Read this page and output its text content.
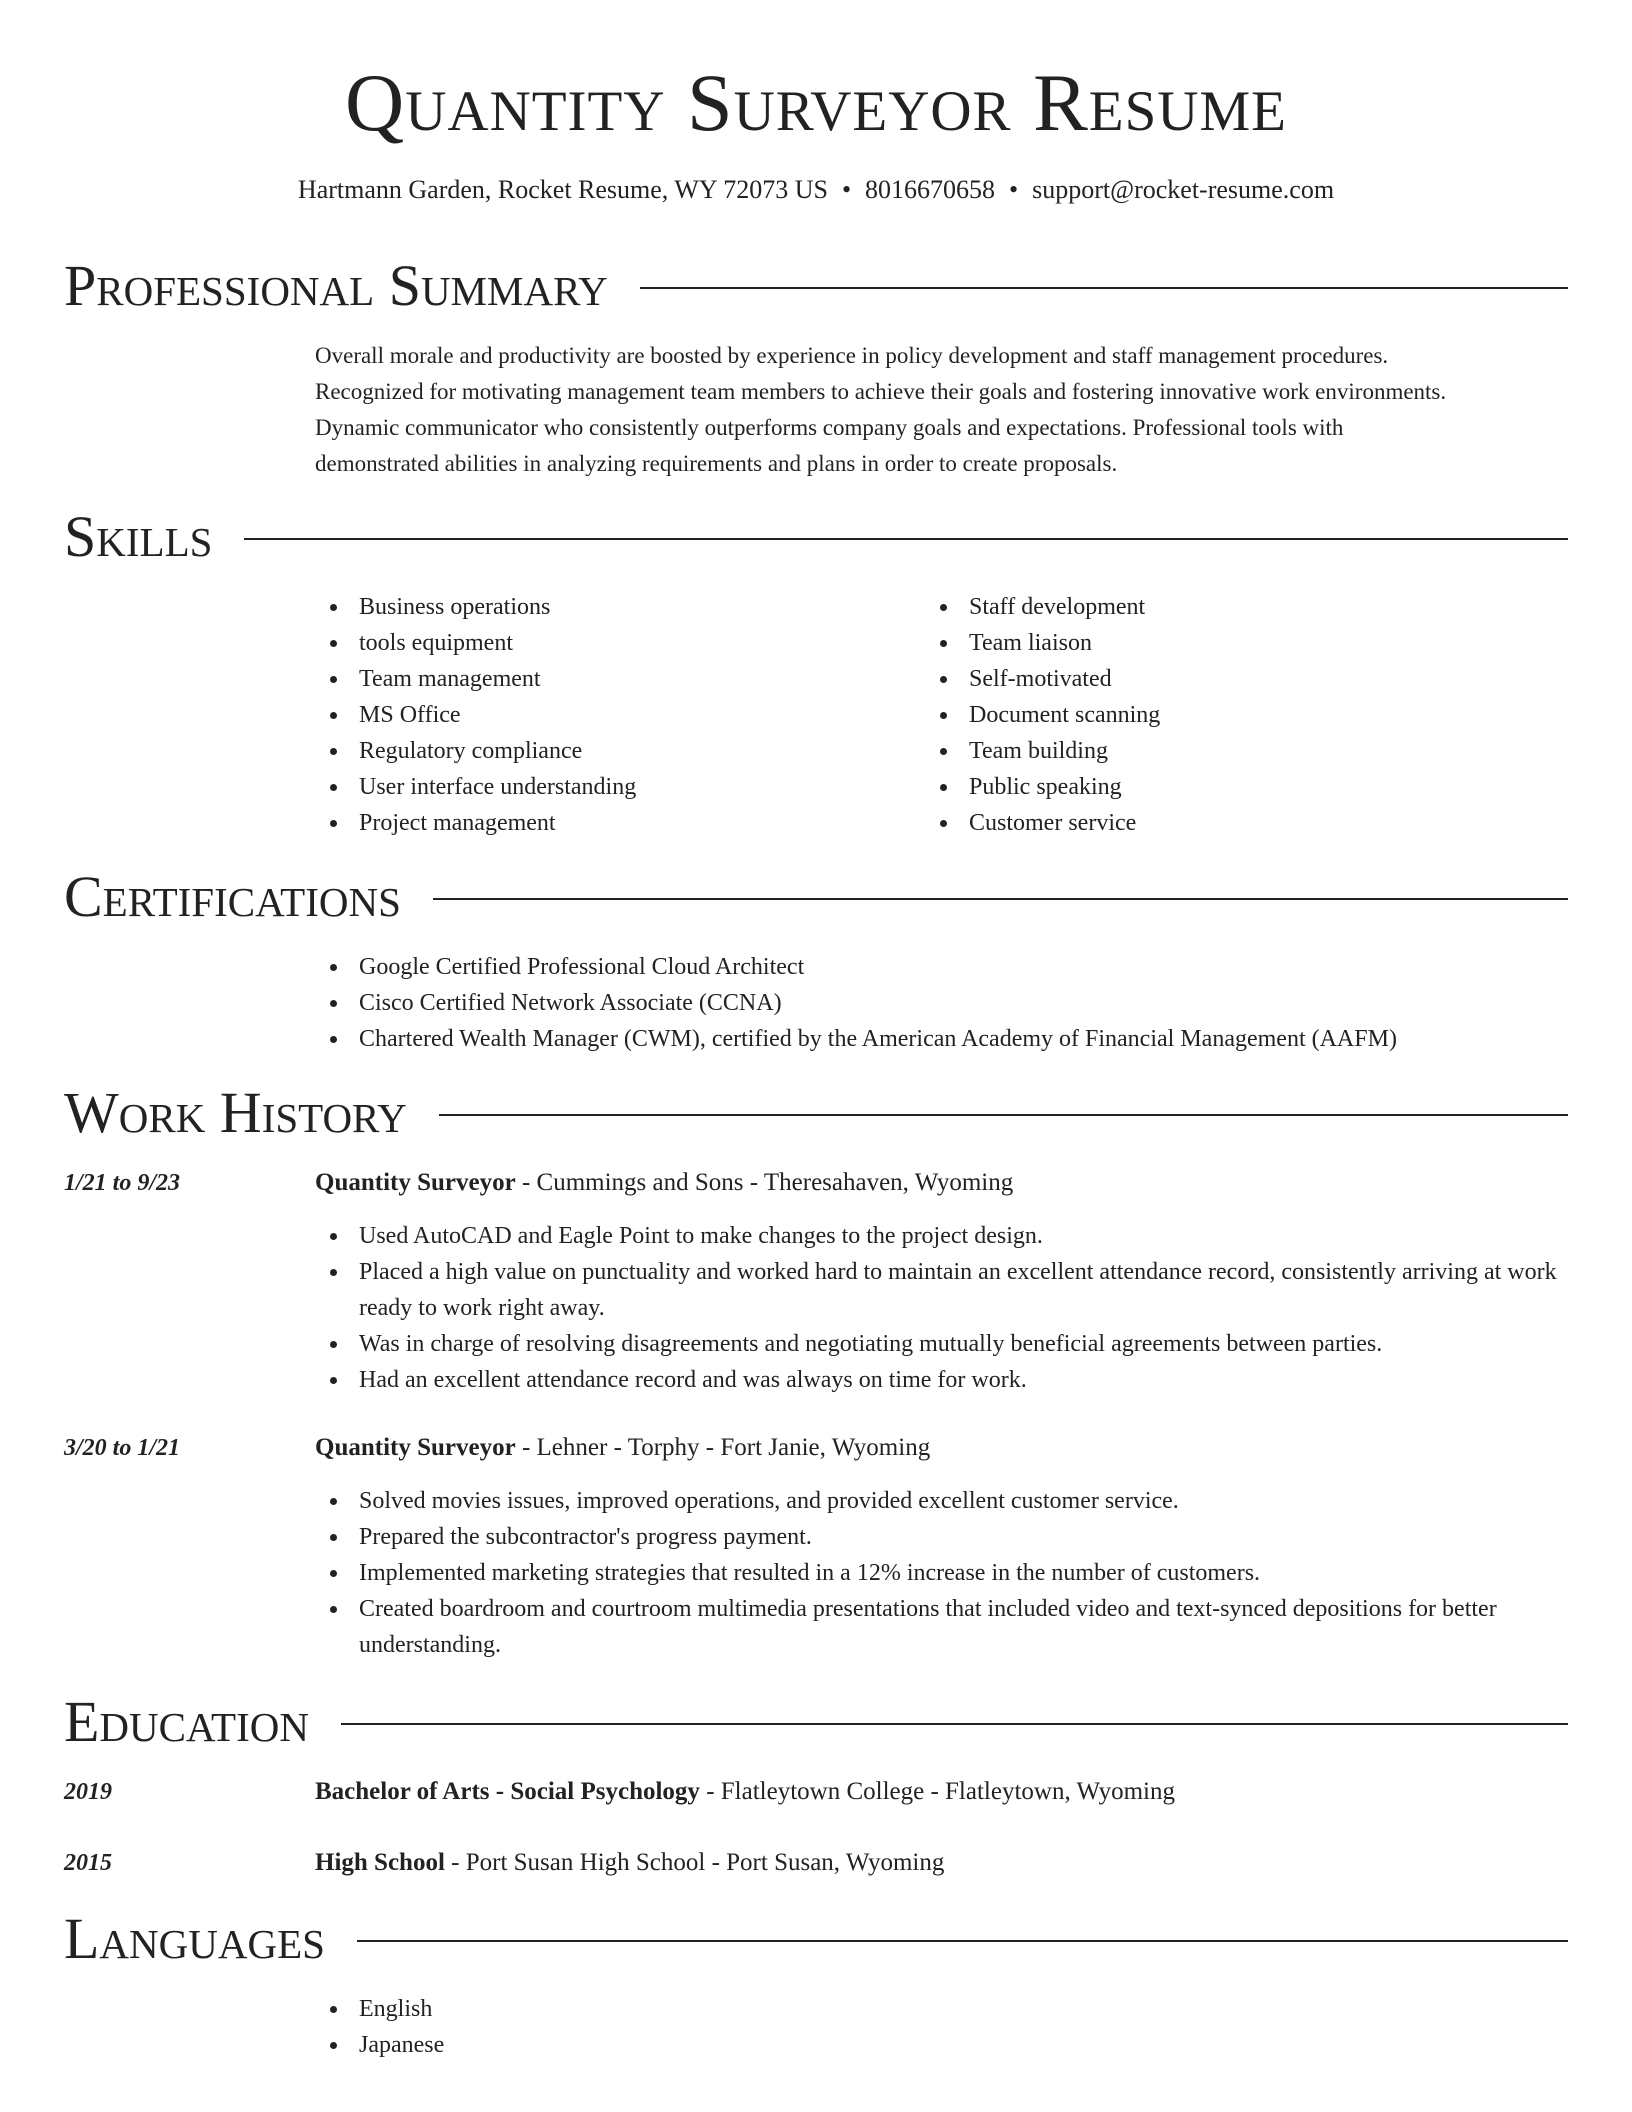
Quantity Surveyor Resume
Hartmann Garden, Rocket Resume, WY 72073 US • 8016670658 • support@rocket-resume.com
Professional Summary

Overall morale and productivity are boosted by experience in policy development and staff management procedures.

Recognized for motivating management team members to achieve their goals and fostering innovative work environments.

Dynamic communicator who consistently outperforms company goals and expectations. Professional tools with

demonstrated abilities in analyzing requirements and plans in order to create proposals.

Skills
Business operations
tools equipment
Team management
MS Office
Regulatory compliance
User interface understanding
Project management
Staff development
Team liaison
Self-motivated
Document scanning
Team building
Public speaking
Customer service
Certifications
Google Certified Professional Cloud Architect
Cisco Certified Network Associate (CCNA)
Chartered Wealth Manager (CWM), certified by the American Academy of Financial Management (AAFM)
Work History
1/21 to 9/23	Quantity Surveyor - Cummings and Sons - Theresahaven, Wyoming
Used AutoCAD and Eagle Point to make changes to the project design.
Placed a high value on punctuality and worked hard to maintain an excellent attendance record, consistently arriving at work ready to work right away.
Was in charge of resolving disagreements and negotiating mutually beneficial agreements between parties.
Had an excellent attendance record and was always on time for work.
3/20 to 1/21	Quantity Surveyor - Lehner - Torphy - Fort Janie, Wyoming
Solved movies issues, improved operations, and provided excellent customer service.
Prepared the subcontractor's progress payment.
Implemented marketing strategies that resulted in a 12% increase in the number of customers.
Created boardroom and courtroom multimedia presentations that included video and text-synced depositions for better understanding.
Education
2019	Bachelor of Arts - Social Psychology - Flatleytown College - Flatleytown, Wyoming
2015	High School - Port Susan High School - Port Susan, Wyoming
Languages
English
Japanese
